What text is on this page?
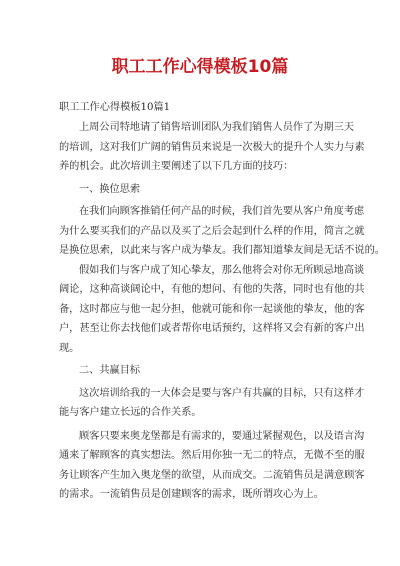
职工工作心得模板10篇
职工工作心得模板10篇1
上周公司特地请了销售培训团队为我们销售人员作了为期三天
的培训，这对我们广阔的销售员来说是一次极大的提升个人实力与素
养的机会。此次培训主要阐述了以下几方面的技巧：
一、换位思索
在我们向顾客推销任何产品的时候，我们首先要从客户角度考虑
为什么要买我们的产品以及买了之后会起到什么样的作用，简言之就
是换位思索，以此来与客户成为挚友。我们都知道挚友间是无话不说的。
假如我们与客户成了知心挚友，那么他将会对你无所顾忌地高谈
阔论，这种高谈阔论中，有他的想问、有他的失落，同时也有他的共
备，这时都应与他一起分担，他就可能和你一起谈他的挚友，他的客
户，甚至让你去找他们或者帮你电话预约，这样将又会有新的客户出
现。
二、共赢目标
这次培训给我的一大体会是要与客户有共赢的目标，只有这样才
能与客户建立长远的合作关系。
顾客只要来奥龙堡都是有需求的，要通过紧握观色，以及语言沟
通来了解顾客的真实想法。然后用你独一无二的特点，无微不至的服
务让顾客产生加入奥龙堡的欲望，从而成交。二流销售员是满意顾客
的需求。一流销售员是创建顾客的需求，既所谓攻心为上。
